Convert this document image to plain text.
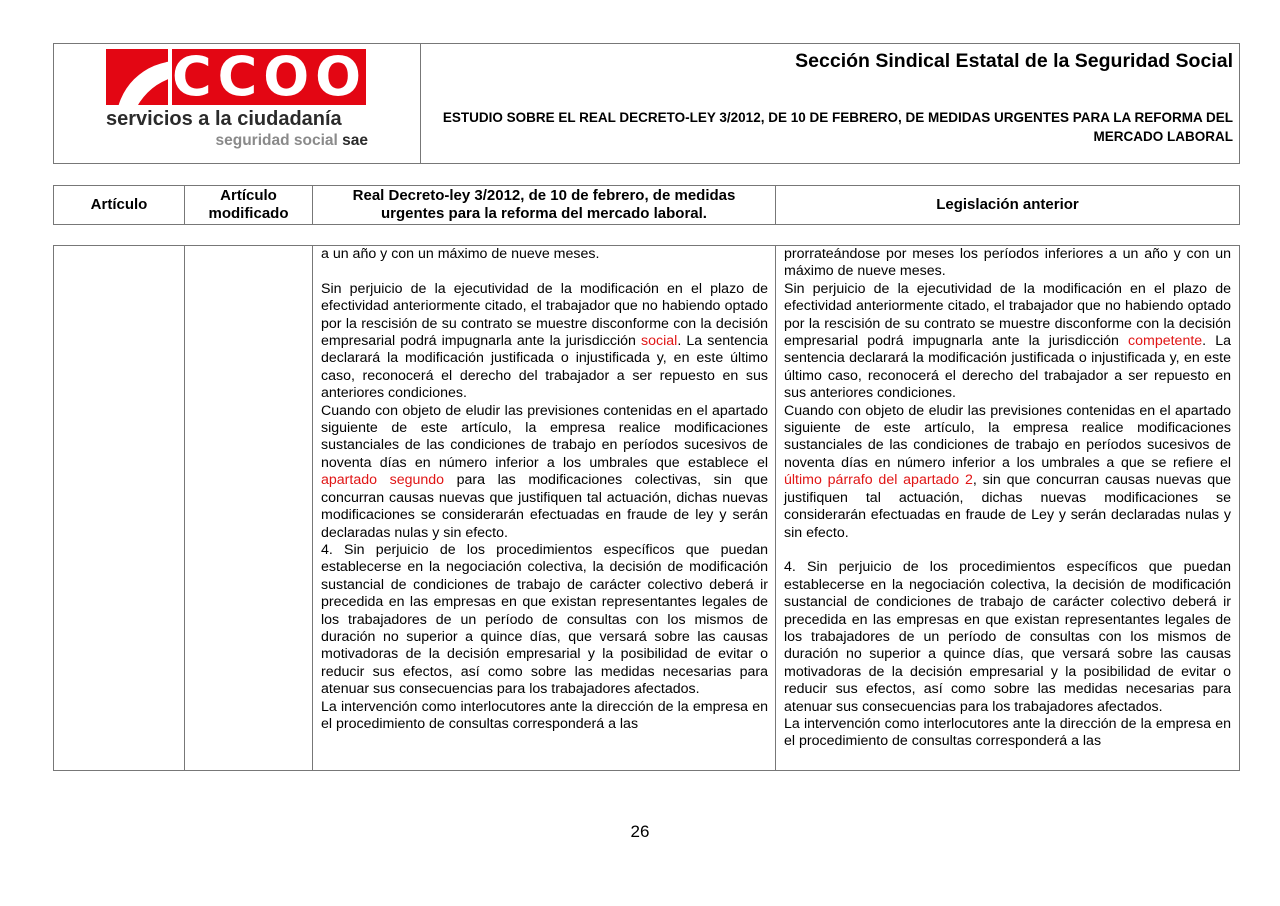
CCOO
servicios a la ciudadanía
seguridad social sae
Sección Sindical Estatal de la Seguridad Social
ESTUDIO SOBRE EL REAL DECRETO-LEY 3/2012, DE 10 DE FEBRERO, DE MEDIDAS URGENTES PARA LA REFORMA DEL MERCADO LABORAL
Artículo
Artículo modificado
Real Decreto-ley 3/2012, de 10 de febrero, de medidas urgentes para la reforma del mercado laboral.
Legislación anterior

a un año y con un máximo de nueve meses.

Sin perjuicio de la ejecutividad de la modificación en el plazo de efectividad anteriormente citado, el trabajador que no habiendo optado por la rescisión de su contrato se muestre disconforme con la decisión empresarial podrá impugnarla ante la jurisdicción social. La sentencia declarará la modificación justificada o injustificada y, en este último caso, reconocerá el derecho del trabajador a ser repuesto en sus anteriores condiciones.

Cuando con objeto de eludir las previsiones contenidas en el apartado siguiente de este artículo, la empresa realice modificaciones sustanciales de las condiciones de trabajo en períodos sucesivos de noventa días en número inferior a los umbrales que establece el apartado segundo para las modificaciones colectivas, sin que concurran causas nuevas que justifiquen tal actuación, dichas nuevas modificaciones se considerarán efectuadas en fraude de ley y serán declaradas nulas y sin efecto.

4. Sin perjuicio de los procedimientos específicos que puedan establecerse en la negociación colectiva, la decisión de modificación sustancial de condiciones de trabajo de carácter colectivo deberá ir precedida en las empresas en que existan representantes legales de los trabajadores de un período de consultas con los mismos de duración no superior a quince días, que versará sobre las causas motivadoras de la decisión empresarial y la posibilidad de evitar o reducir sus efectos, así como sobre las medidas necesarias para atenuar sus consecuencias para los trabajadores afectados.

La intervención como interlocutores ante la dirección de la empresa en el procedimiento de consultas corresponderá a las

prorrateándose por meses los períodos inferiores a un año y con un máximo de nueve meses.

Sin perjuicio de la ejecutividad de la modificación en el plazo de efectividad anteriormente citado, el trabajador que no habiendo optado por la rescisión de su contrato se muestre disconforme con la decisión empresarial podrá impugnarla ante la jurisdicción competente. La sentencia declarará la modificación justificada o injustificada y, en este último caso, reconocerá el derecho del trabajador a ser repuesto en sus anteriores condiciones.

Cuando con objeto de eludir las previsiones contenidas en el apartado siguiente de este artículo, la empresa realice modificaciones sustanciales de las condiciones de trabajo en períodos sucesivos de noventa días en número inferior a los umbrales a que se refiere el último párrafo del apartado 2, sin que concurran causas nuevas que justifiquen tal actuación, dichas nuevas modificaciones se considerarán efectuadas en fraude de Ley y serán declaradas nulas y sin efecto.

4. Sin perjuicio de los procedimientos específicos que puedan establecerse en la negociación colectiva, la decisión de modificación sustancial de condiciones de trabajo de carácter colectivo deberá ir precedida en las empresas en que existan representantes legales de los trabajadores de un período de consultas con los mismos de duración no superior a quince días, que versará sobre las causas motivadoras de la decisión empresarial y la posibilidad de evitar o reducir sus efectos, así como sobre las medidas necesarias para atenuar sus consecuencias para los trabajadores afectados.

La intervención como interlocutores ante la dirección de la empresa en el procedimiento de consultas corresponderá a las

26
